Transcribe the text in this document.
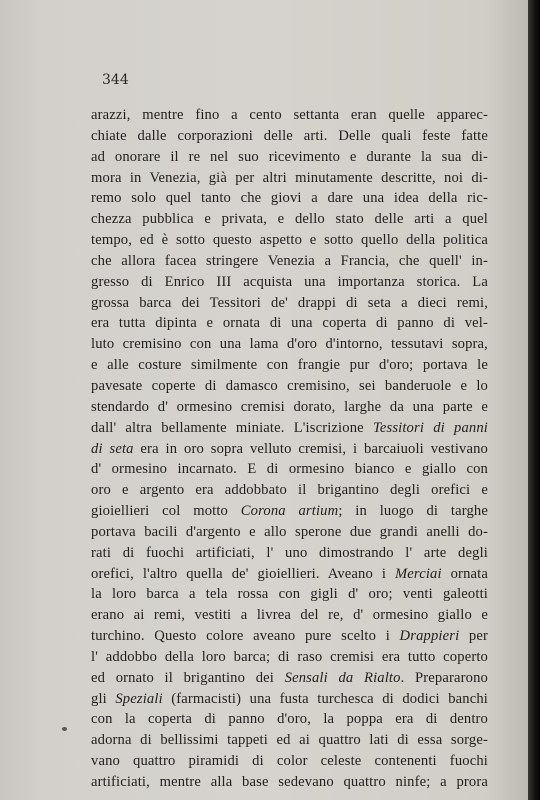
344
arazzi, mentre fino a cento settanta eran quelle apparec-
chiate dalle corporazioni delle arti. Delle quali feste fatte
ad onorare il re nel suo ricevimento e durante la sua di-
mora in Venezia, già per altri minutamente descritte, noi di-
remo solo quel tanto che giovi a dare una idea della ric-
chezza pubblica e privata, e dello stato delle arti a quel
tempo, ed è sotto questo aspetto e sotto quello della politica
che allora facea stringere Venezia a Francia, che quell' in-
gresso di Enrico III acquista una importanza storica. La
grossa barca dei Tessitori de' drappi di seta a dieci remi,
era tutta dipinta e ornata di una coperta di panno di vel-
luto cremisino con una lama d'oro d'intorno, tessutavi sopra,
e alle costure similmente con frangie pur d'oro; portava le
pavesate coperte di damasco cremisino, sei banderuole e lo
stendardo d' ormesino cremisi dorato, larghe da una parte e
dall' altra bellamente miniate. L'iscrizione Tessitori di panni
di seta era in oro sopra velluto cremisi, i barcaiuoli vestivano
d' ormesino incarnato. E di ormesino bianco e giallo con
oro e argento era addobbato il brigantino degli orefici e
gioiellieri col motto Corona artium; in luogo di targhe
portava bacili d'argento e allo sperone due grandi anelli do-
rati di fuochi artificiati, l' uno dimostrando l' arte degli
orefici, l'altro quella de' gioiellieri. Aveano i Merciai ornata
la loro barca a tela rossa con gigli d' oro; venti galeotti
erano ai remi, vestiti a livrea del re, d' ormesino giallo e
turchino. Questo colore aveano pure scelto i Drappieri per
l' addobbo della loro barca; di raso cremisi era tutto coperto
ed ornato il brigantino dei Sensali da Rialto. Prepararono
gli Speziali (farmacisti) una fusta turchesca di dodici banchi
con la coperta di panno d'oro, la poppa era di dentro
adorna di bellissimi tappeti ed ai quattro lati di essa sorge-
vano quattro piramidi di color celeste contenenti fuochi
artificiati, mentre alla base sedevano quattro ninfe; a prora
